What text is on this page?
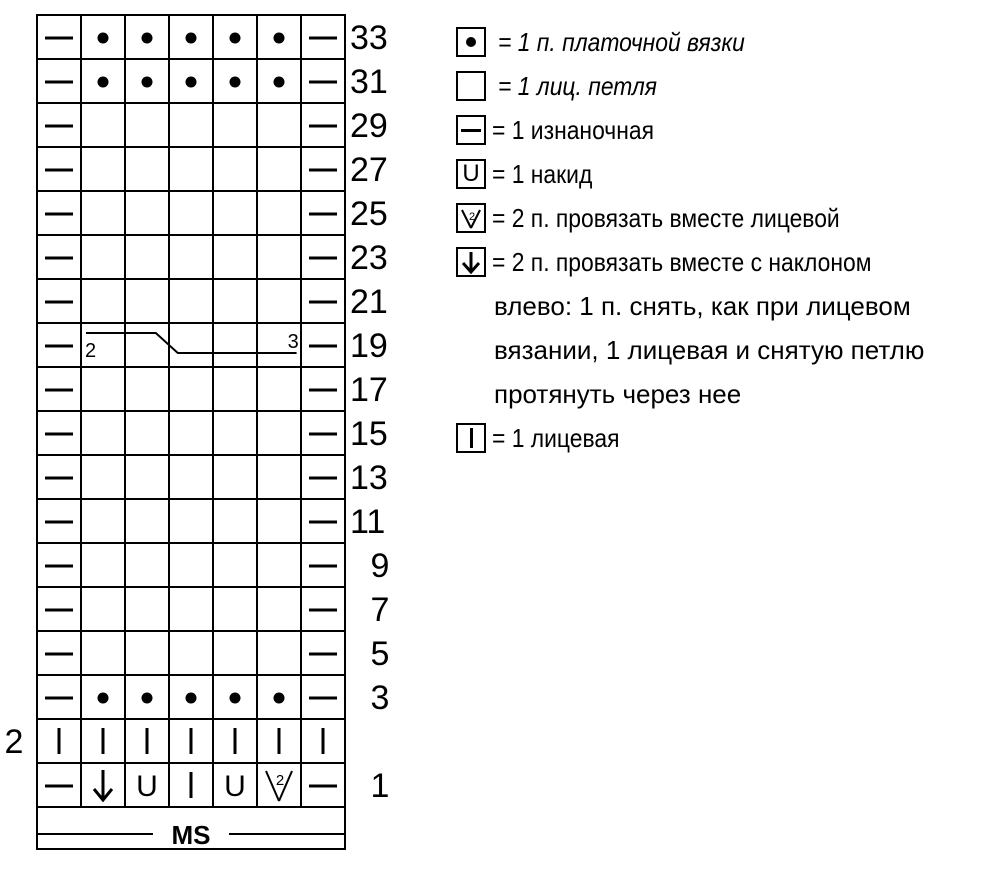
33
31
29
27
25
23
21
2	3 19
17
15
13
11
9
7
5
3
2
U U 2	1
MS
= 1 п. платочной вязки
= 1 лиц. петля
= 1 изнаночная
U = 1 накид
2 = 2 п. провязать вместе лицевой
= 2 п. провязать вместе с наклоном
влево: 1 п. снять, как при лицевом
вязании, 1 лицевая и снятую петлю
протянуть через нее
= 1 лицевая
